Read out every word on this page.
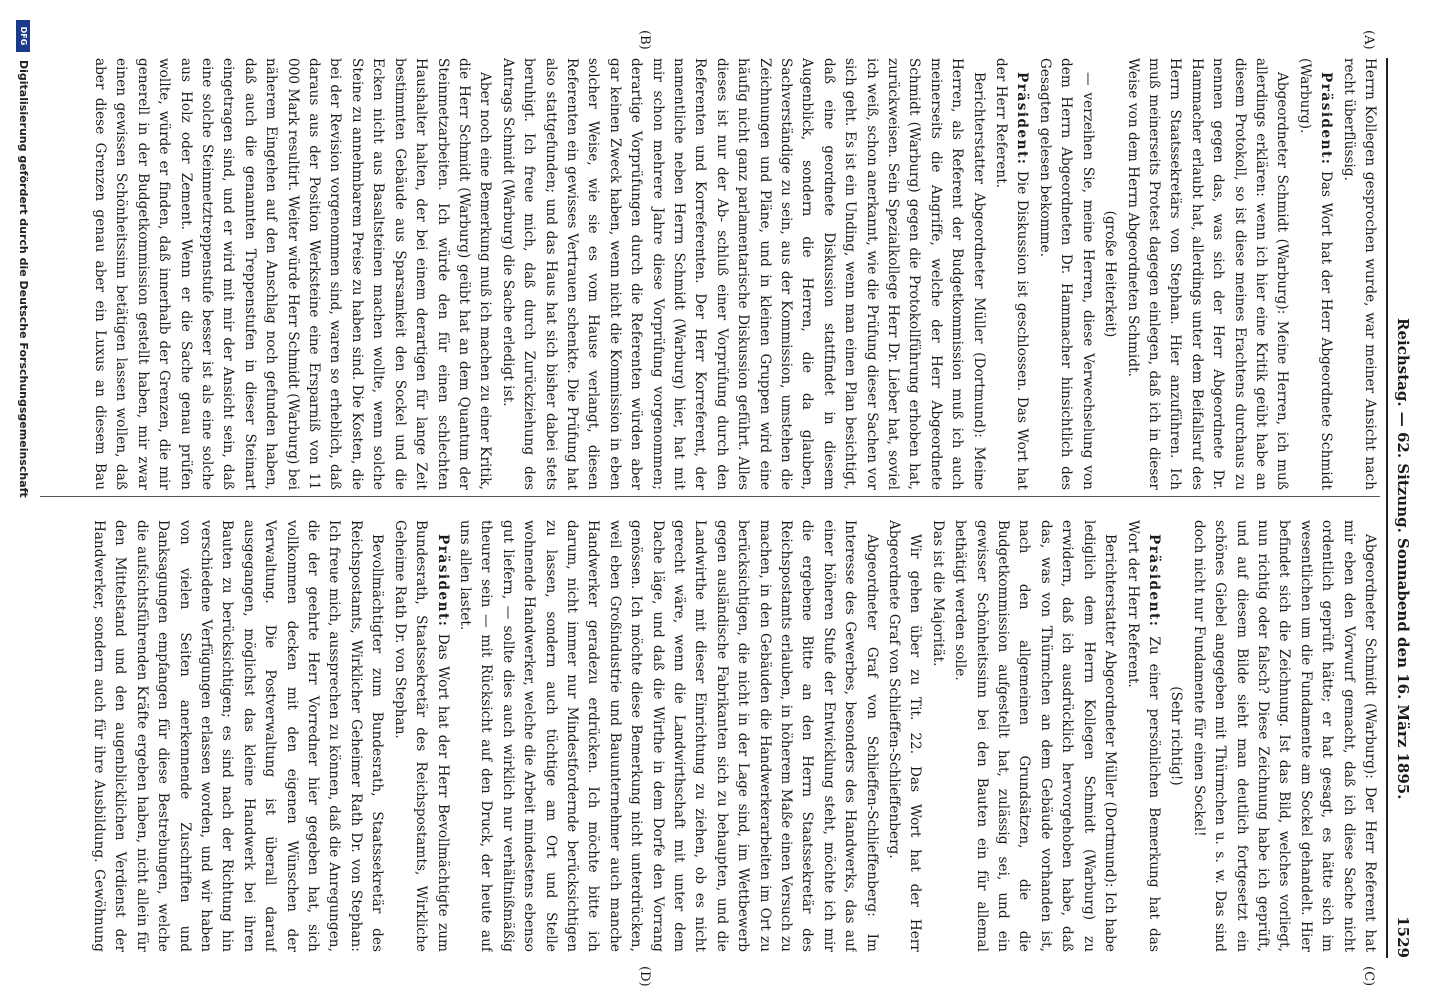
Reichstag. — 62. Sitzung. Sonnabend den 16. März 1895.
1529
(A)
(B)
(C)
(D)

Herrn Kollegen gesprochen wurde, war meiner Ansicht nach recht überflüssig.

Präsident: Das Wort hat der Herr Abgeordnete Schmidt (Warburg).

Abgeordneter Schmidt (Warburg): Meine Herren, ich muß allerdings erklären: wenn ich hier eine Kritik geübt habe an diesem Protokoll, so ist diese meines Erachtens durchaus zu nennen gegen das, was sich der Herr Abgeordnete Dr. Hammacher erlaubt hat, allerdings unter dem Beifallsruf des Herrn Staatssekretärs von Stephan. Hier anzuführen. Ich muß meinerseits Protest dagegen einlegen, daß ich in dieser Weise von dem Herrn Abgeordneten Schmidt.

(große Heiterkeit)

— verzeihen Sie, meine Herren, diese Verwechselung von dem Herrn Abgeordneten Dr. Hammacher hinsichtlich des Gesagten gelesen bekomme.

Präsident: Die Diskussion ist geschlossen. Das Wort hat der Herr Referent.

Berichterstatter Abgeordneter Müller (Dortmund): Meine Herren, als Referent der Budgetkommission muß ich auch meinerseits die Angriffe, welche der Herr Abgeordnete Schmidt (Warburg) gegen die Protokollführung erhoben hat, zurückweisen. Sein Spezialkollege Herr Dr. Lieber hat, soviel ich weiß, schon anerkannt, wie die Prüfung dieser Sachen vor sich geht. Es ist ein Unding, wenn man einen Plan besichtigt, daß eine geordnete Diskussion stattfindet in diesem Augenblick, sondern die Herren, die da glauben, Sachverständige zu sein, aus der Kommission, umstehen die Zeichnungen und Pläne, und in kleinen Gruppen wird eine häufig nicht ganz parlamentarische Diskussion geführt. Alles dieses ist nur der Ab- schluß einer Vorprüfung durch den Referenten und Korreferenten. Der Herr Korreferent, der namentliche neben Herrn Schmidt (Warburg) hier, hat mit mir schon mehrere Jahre diese Vorprüfung vorgenommen; derartige Vorprüfungen durch die Referenten würden aber gar keinen Zweck haben, wenn nicht die Kommission in eben solcher Weise, wie sie es vom Hause verlangt, diesen Referenten ein gewisses Vertrauen schenkte. Die Prüfung hat also stattgefunden; und das Haus hat sich bisher dabei stets beruhigt. Ich freue mich, daß durch Zurückziehung des Antrags Schmidt (Warburg) die Sache erledigt ist.

Aber noch eine Bemerkung muß ich machen zu einer Kritik, die Herr Schmidt (Warburg) geübt hat an dem Quantum der Steinmetzarbeiten. Ich würde den für einen schlechten Haushalter halten, der bei einem derartigen für lange Zeit bestimmten Gebäude aus Sparsamkeit den Sockel und die Ecken nicht aus Basaltsteinen machen wollte, wenn solche Steine zu annehmbarem Preise zu haben sind. Die Kosten, die bei der Revision vorgenommen sind, waren so erheblich, daß daraus aus der Position Werksteine eine Ersparniß von 11 000 Mark resultirt. Weiter würde Herr Schmidt (Warburg) bei näherem Eingehen auf den Anschlag noch gefunden haben, daß auch die genannten Treppenstufen in dieser Steinart eingetragen sind, und er wird mit mir der Ansicht sein, daß eine solche Steinmetztreppenstufe besser ist als eine solche aus Holz oder Zement. Wenn er die Sache genau prüfen wollte, würde er finden, daß innerhalb der Grenzen, die mir generell in der Budgetkommission gestellt haben, mir zwar einen gewissen Schönheitssinn betätigen lassen wollen, daß aber diese Grenzen genau aber ein Luxus an diesem Bau

Abgeordneter Schmidt (Warburg): Der Herr Referent hat mir eben den Vorwurf gemacht, daß ich diese Sache nicht ordentlich geprüft hätte; er hat gesagt, es hätte sich im wesentlichen um die Fundamente am Sockel gehandelt. Hier befindet sich die Zeichnung. Ist das Bild, welches vorliegt, nun richtig oder falsch? Diese Zeichnung habe ich geprüft, und auf diesem Bilde sieht man deutlich fortgesetzt ein schönes Giebel angegeben mit Thürmchen u. s. w. Das sind doch nicht nur Fundamente für einen Sockel!

(Sehr richtig!)

Präsident: Zu einer persönlichen Bemerkung hat das Wort der Herr Referent.

Berichterstatter Abgeordneter Müller (Dortmund): Ich habe lediglich dem Herrn Kollegen Schmidt (Warburg) zu erwidern, daß ich ausdrücklich hervorgehoben habe, daß das, was von Thürmchen an dem Gebäude vorhanden ist, nach den allgemeinen Grundsätzen, die die Budgetkommission aufgestellt hat, zulässig sei, und ein gewisser Schönheitssinn bei den Bauten ein für allemal bethätigt werden solle.

Das ist die Majorität.

Wir gehen über zu Tit. 22. Das Wort hat der Herr Abgeordnete Graf von Schlieffen-Schlieffenberg.

Abgeordneter Graf von Schlieffen-Schlieffenberg: Im Interesse des Gewerbes, besonders des Handwerks, das auf einer höheren Stufe der Entwicklung steht, möchte ich mir die ergebene Bitte an den Herrn Staatssekretär des Reichspostamts erlauben, in höherem Maße einen Versuch zu machen, in den Gebäuden die Handwerkerarbeiten im Ort zu berücksichtigen, die nicht in der Lage sind, im Wettbewerb gegen ausländische Fabrikanten sich zu behaupten, und die Landwirthe mit dieser Einrichtung zu ziehen, ob es nicht gerecht wäre, wenn die Landwirthschaft mit unter dem Dache läge, und daß die Wirthe in dem Dorfe den Vorrang genössen. Ich möchte diese Bemerkung nicht unterdrücken, weil eben Großindustrie und Bauunternehmer auch manche Handwerker geradezu erdrücken. Ich möchte bitte ich darum, nicht immer nur Mindestfordernde berücksichtigen zu lassen, sondern auch tüchtige am Ort und Stelle wohnende Handwerker, welche die Arbeit mindestens ebenso gut liefern, — sollte dies auch wirklich nur verhältnißmäßig theurer sein — mit Rücksicht auf den Druck, der heute auf uns allen lastet.

Präsident: Das Wort hat der Herr Bevollmächtigte zum Bundesrath, Staatssekretär des Reichspostamts, Wirkliche Geheime Rath Dr. von Stephan.

Bevollmächtigter zum Bundesrath, Staatssekretär des Reichspostamts, Wirklicher Geheimer Rath Dr. von Stephan: Ich freue mich, aussprechen zu können, daß die Anregungen, die der geehrte Herr Vorredner hier gegeben hat, sich vollkommen decken mit den eigenen Wünschen der Verwaltung. Die Postverwaltung ist überall darauf ausgegangen, möglichst das kleine Handwerk bei ihren Bauten zu berücksichtigen; es sind nach der Richtung hin verschiedene Verfügungen erlassen worden, und wir haben von vielen Seiten anerkennende Zuschriften und Danksagungen empfangen für diese Bestrebungen, welche die aufsichtsführenden Kräfte ergeben haben, nicht allein für den Mittelstand und den augenblicklichen Verdienst der Handwerker, sondern auch für ihre Ausbildung. Gewöhnung

DFGDigitalisierung gefördert durch die Deutsche Forschungsgemeinschaft
